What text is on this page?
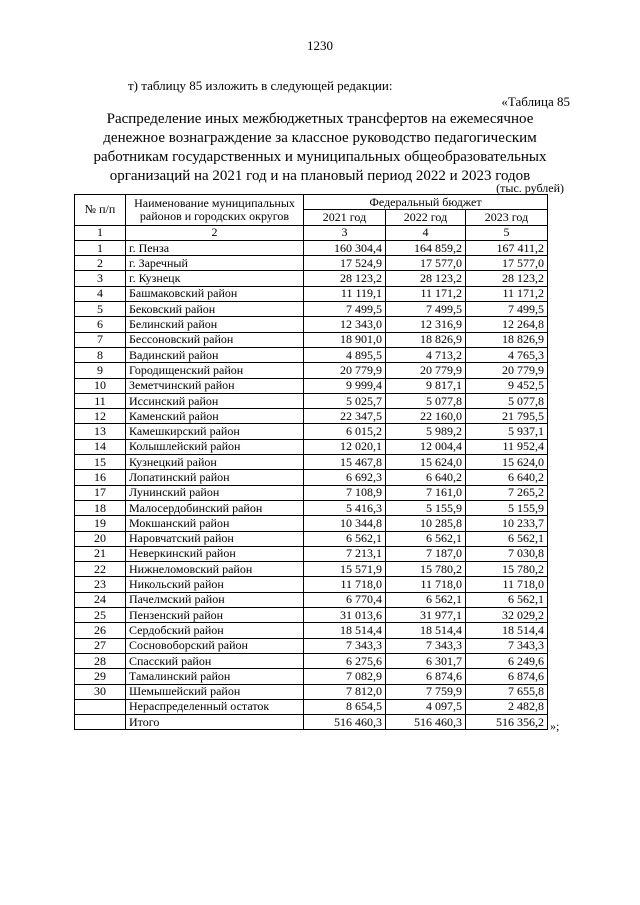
1230
т) таблицу 85 изложить в следующей редакции:
«Таблица 85
Распределение иных межбюджетных трансфертов на ежемесячное
денежное вознаграждение за классное руководство педагогическим
работникам государственных и муниципальных общеобразовательных
организаций на 2021 год и на плановый период 2022 и 2023 годов
(тыс. рублей)
№ п/п	Наименование муниципальных районов и городских округов	Федеральный бюджет		
		2021 год	2022 год	2023 год
1	2	3	4	5
1	г. Пенза	160 304,4	164 859,2	167 411,2
2	г. Заречный	17 524,9	17 577,0	17 577,0
3	г. Кузнецк	28 123,2	28 123,2	28 123,2
4	Башмаковский район	11 119,1	11 171,2	11 171,2
5	Бековский район	7 499,5	7 499,5	7 499,5
6	Белинский район	12 343,0	12 316,9	12 264,8
7	Бессоновский район	18 901,0	18 826,9	18 826,9
8	Вадинский район	4 895,5	4 713,2	4 765,3
9	Городищенский район	20 779,9	20 779,9	20 779,9
10	Земетчинский район	9 999,4	9 817,1	9 452,5
11	Иссинский район	5 025,7	5 077,8	5 077,8
12	Каменский район	22 347,5	22 160,0	21 795,5
13	Камешкирский район	6 015,2	5 989,2	5 937,1
14	Колышлейский район	12 020,1	12 004,4	11 952,4
15	Кузнецкий район	15 467,8	15 624,0	15 624,0
16	Лопатинский район	6 692,3	6 640,2	6 640,2
17	Лунинский район	7 108,9	7 161,0	7 265,2
18	Малосердобинский район	5 416,3	5 155,9	5 155,9
19	Мокшанский район	10 344,8	10 285,8	10 233,7
20	Наровчатский район	6 562,1	6 562,1	6 562,1
21	Неверкинский район	7 213,1	7 187,0	7 030,8
22	Нижнеломовский район	15 571,9	15 780,2	15 780,2
23	Никольский район	11 718,0	11 718,0	11 718,0
24	Пачелмский район	6 770,4	6 562,1	6 562,1
25	Пензенский район	31 013,6	31 977,1	32 029,2
26	Сердобский район	18 514,4	18 514,4	18 514,4
27	Сосновоборский район	7 343,3	7 343,3	7 343,3
28	Спасский район	6 275,6	6 301,7	6 249,6
29	Тамалинский район	7 082,9	6 874,6	6 874,6
30	Шемышейский район	7 812,0	7 759,9	7 655,8
	Нераспределенный остаток	8 654,5	4 097,5	2 482,8
	Итого	516 460,3	516 460,3	516 356,2 »;
